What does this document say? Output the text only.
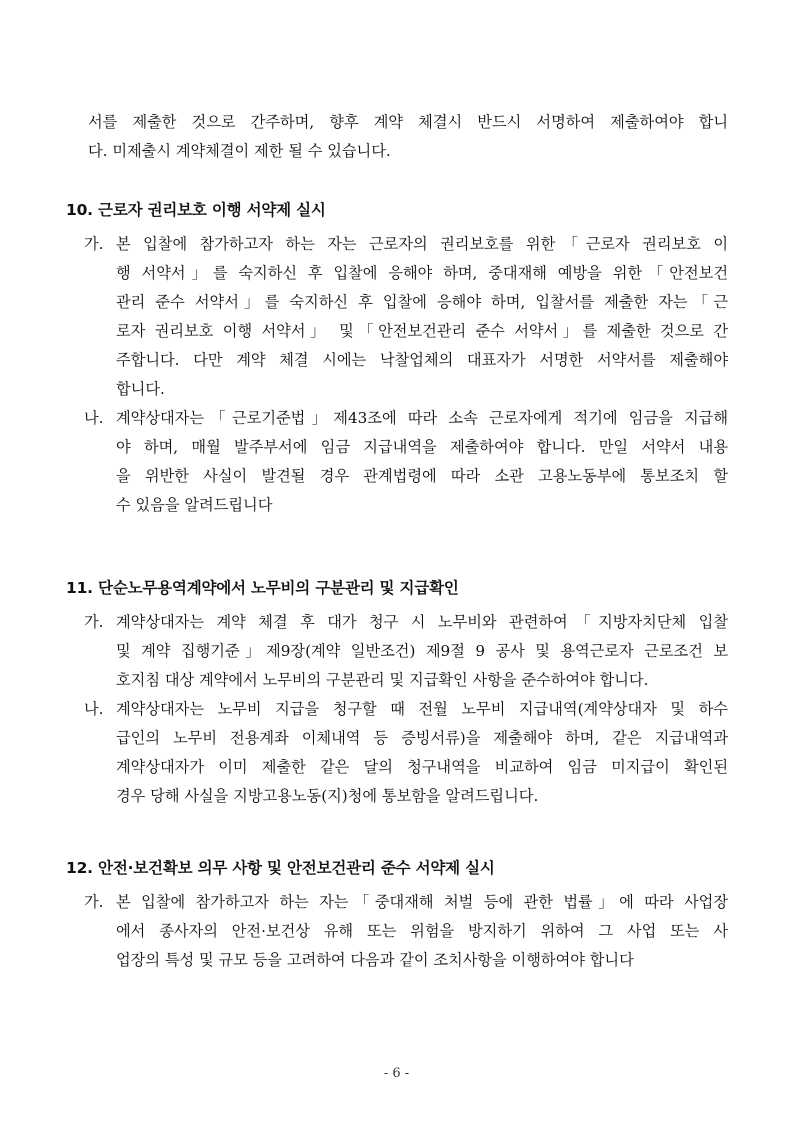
서를 제출한 것으로 간주하며, 향후 계약 체결시 반드시 서명하여 제출하여야 합니
다. 미제출시 계약체결이 제한 될 수 있습니다.
10. 근로자 권리보호 이행 서약제 실시
가. 본 입찰에 참가하고자 하는 자는 근로자의 권리보호를 위한「근로자 권리보호 이
행 서약서」를 숙지하신 후 입찰에 응해야 하며, 중대재해 예방을 위한「안전보건
관리 준수 서약서」를 숙지하신 후 입찰에 응해야 하며, 입찰서를 제출한 자는「근
로자 권리보호 이행 서약서」 및「안전보건관리 준수 서약서」를 제출한 것으로 간
주합니다. 다만 계약 체결 시에는 낙찰업체의 대표자가 서명한 서약서를 제출해야
합니다.
나. 계약상대자는「근로기준법」제43조에 따라 소속 근로자에게 적기에 임금을 지급해
야 하며, 매월 발주부서에 임금 지급내역을 제출하여야 합니다. 만일 서약서 내용
을 위반한 사실이 발견될 경우 관계법령에 따라 소관 고용노동부에 통보조치 할
수 있음을 알려드립니다
11. 단순노무용역계약에서 노무비의 구분관리 및 지급확인
가. 계약상대자는 계약 체결 후 대가 청구 시 노무비와 관련하여「지방자치단체 입찰
및 계약 집행기준」제9장(계약 일반조건) 제9절 9 공사 및 용역근로자 근로조건 보
호지침 대상 계약에서 노무비의 구분관리 및 지급확인 사항을 준수하여야 합니다.
나. 계약상대자는 노무비 지급을 청구할 때 전월 노무비 지급내역(계약상대자 및 하수
급인의 노무비 전용계좌 이체내역 등 증빙서류)을 제출해야 하며, 같은 지급내역과
계약상대자가 이미 제출한 같은 달의 청구내역을 비교하여 임금 미지급이 확인된
경우 당해 사실을 지방고용노동(지)청에 통보함을 알려드립니다.
12. 안전·보건확보 의무 사항 및 안전보건관리 준수 서약제 실시
가. 본 입찰에 참가하고자 하는 자는「중대재해 처벌 등에 관한 법률」에 따라 사업장
에서 종사자의 안전·보건상 유해 또는 위험을 방지하기 위하여 그 사업 또는 사
업장의 특성 및 규모 등을 고려하여 다음과 같이 조치사항을 이행하여야 합니다
- 6 -
